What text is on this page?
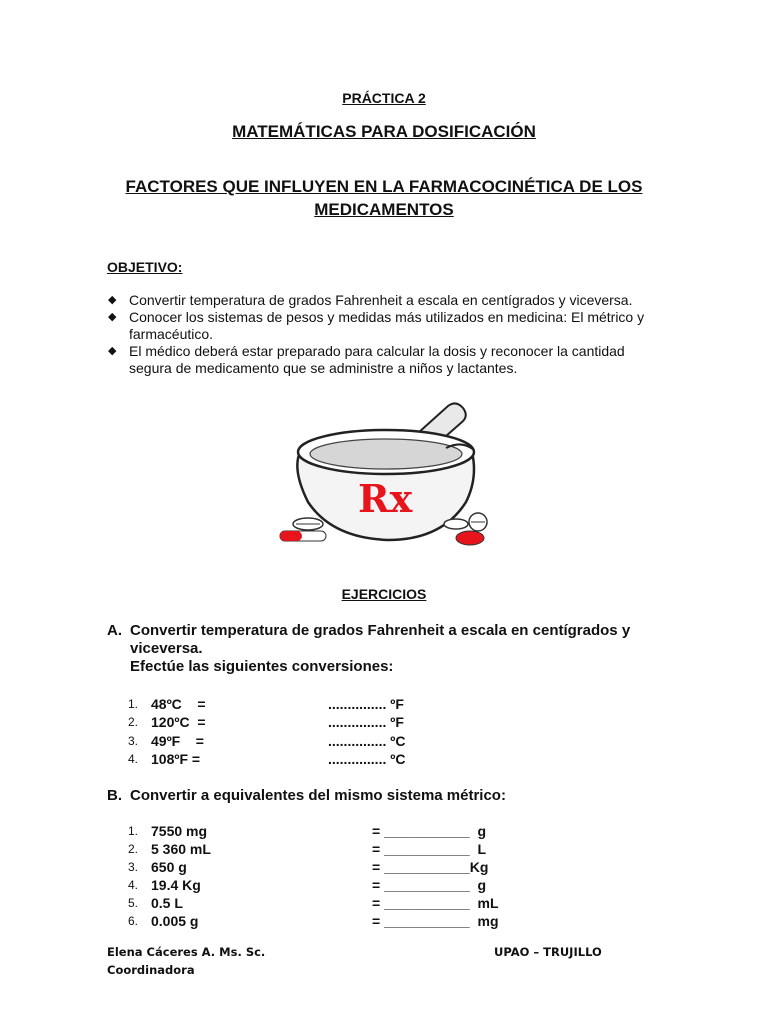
PRÁCTICA 2
MATEMÁTICAS PARA DOSIFICACIÓN
FACTORES QUE INFLUYEN EN LA FARMACOCINÉTICA DE LOS
MEDICAMENTOS
OBJETIVO:
◆ Convertir temperatura de grados Fahrenheit a escala en centígrados y viceversa.
◆ Conocer los sistemas de pesos y medidas más utilizados en medicina: El métrico y farmacéutico.
◆ El médico deberá estar preparado para calcular la dosis y reconocer la cantidad segura de medicamento que se administre a niños y lactantes.
Rx
EJERCICIOS
A. Convertir temperatura de grados Fahrenheit a escala en centígrados y
viceversa.
Efectúe las siguientes conversiones:
1. 48ºC    =	............... ºF
2. 120ºC  =	............... ºF
3. 49ºF    =	............... ºC
4. 108ºF =	............... ºC
B. Convertir a equivalentes del mismo sistema métrico:
1. 7550 mg	= ___________  g
2. 5 360 mL	= ___________  L
3. 650 g	= ___________Kg
4. 19.4 Kg	= ___________  g
5. 0.5 L	= ___________  mL
6. 0.005 g	= ___________  mg
Elena Cáceres A. Ms. Sc.
Coordinadora
UPAO – TRUJILLO
